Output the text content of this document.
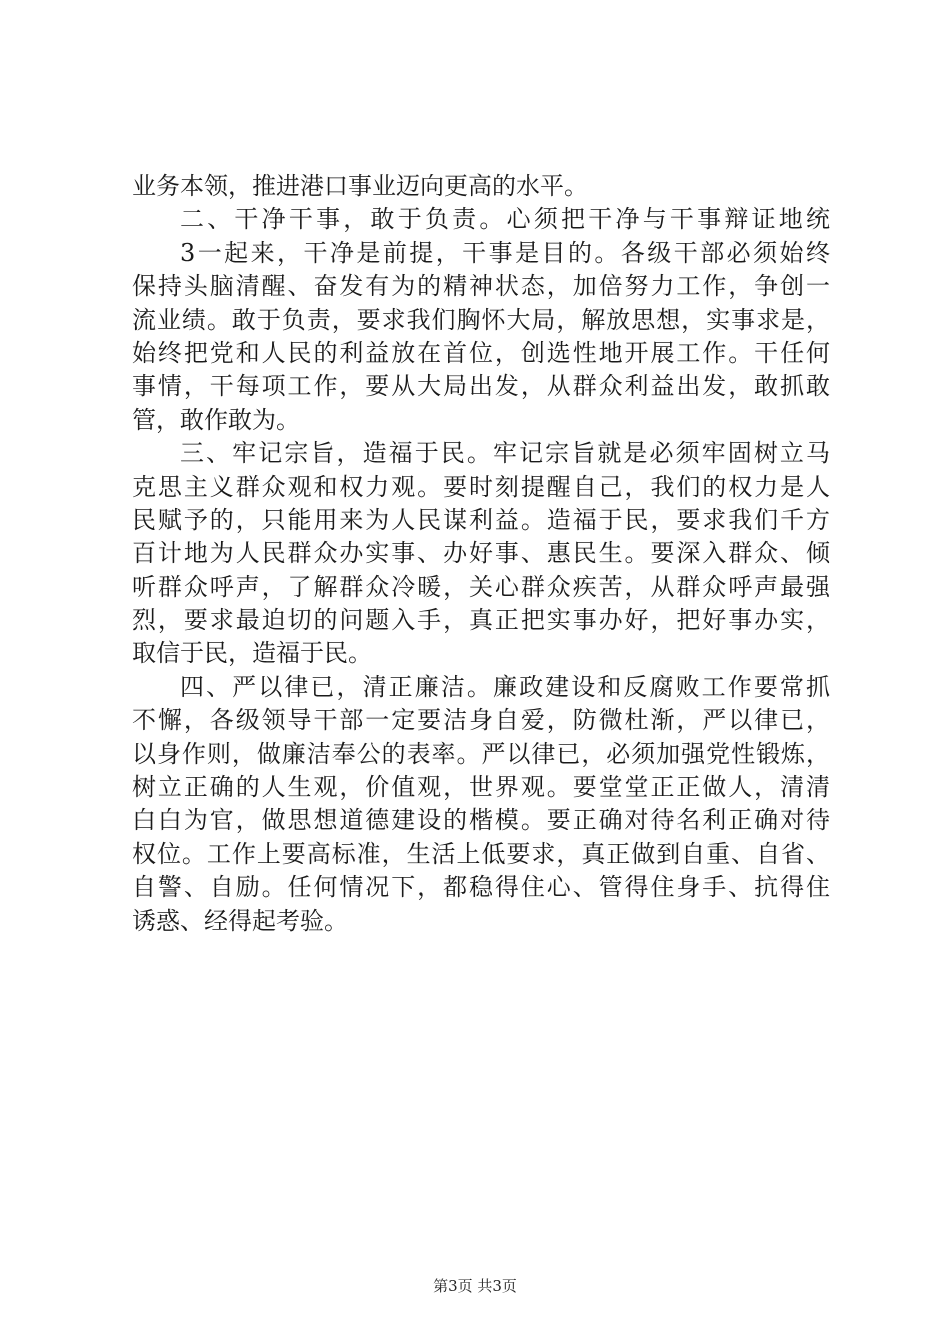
业务本领，推进港口事业迈向更高的水平。
二、干净干事，敢于负责。心须把干净与干事辩证地统
3一起来，干净是前提，干事是目的。各级干部必须始终
保持头脑清醒、奋发有为的精神状态，加倍努力工作，争创一
流业绩。敢于负责，要求我们胸怀大局，解放思想，实事求是，
始终把党和人民的利益放在首位，创选性地开展工作。干任何
事情，干每项工作，要从大局出发，从群众利益出发，敢抓敢
管，敢作敢为。
三、牢记宗旨，造福于民。牢记宗旨就是必须牢固树立马
克思主义群众观和权力观。要时刻提醒自己，我们的权力是人
民赋予的，只能用来为人民谋利益。造福于民，要求我们千方
百计地为人民群众办实事、办好事、惠民生。要深入群众、倾
听群众呼声，了解群众冷暖，关心群众疾苦，从群众呼声最强
烈，要求最迫切的问题入手，真正把实事办好，把好事办实，
取信于民，造福于民。
四、严以律已，清正廉洁。廉政建设和反腐败工作要常抓
不懈，各级领导干部一定要洁身自爱，防微杜渐，严以律已，
以身作则，做廉洁奉公的表率。严以律已，必须加强党性锻炼，
树立正确的人生观，价值观，世界观。要堂堂正正做人，清清
白白为官，做思想道德建设的楷模。要正确对待名利正确对待
权位。工作上要高标准，生活上低要求，真正做到自重、自省、
自警、自励。任何情况下，都稳得住心、管得住身手、抗得住
诱惑、经得起考验。
第3页 共3页
